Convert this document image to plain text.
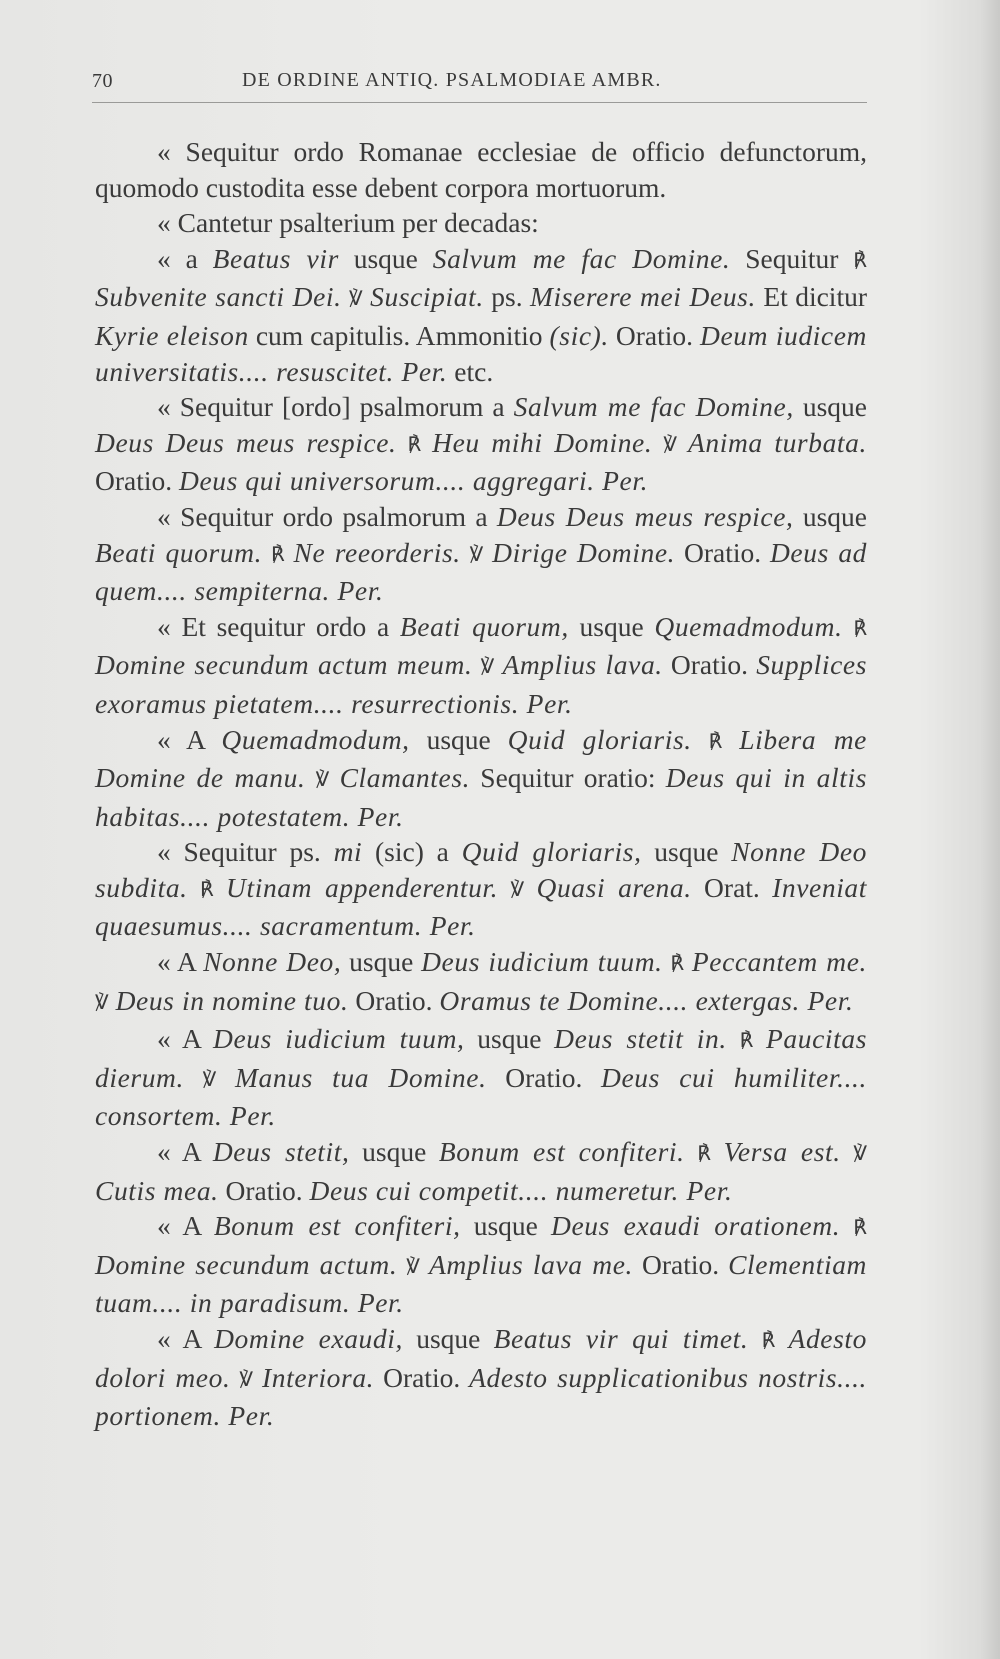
70	DE ORDINE ANTIQ. PSALMODIAE AMBR.

« Sequitur ordo Romanae ecclesiae de officio defunctorum, quomodo custodita esse debent corpora mortuorum.

« Cantetur psalterium per decadas:

« a Beatus vir usque Salvum me fac Domine. Sequitur ℟ Subvenite sancti Dei. ℣ Suscipiat. ps. Miserere mei Deus. Et dicitur Kyrie eleison cum capitulis. Ammonitio (sic). Oratio. Deum iudicem universitatis.... resuscitet. Per. etc.

« Sequitur [ordo] psalmorum a Salvum me fac Domine, usque Deus Deus meus respice. ℟ Heu mihi Domine. ℣ Anima turbata. Oratio. Deus qui universorum.... aggregari. Per.

« Sequitur ordo psalmorum a Deus Deus meus respice, usque Beati quorum. ℟ Ne reeorderis. ℣ Dirige Domine. Oratio. Deus ad quem.... sempiterna. Per.

« Et sequitur ordo a Beati quorum, usque Quemadmodum. ℟ Domine secundum actum meum. ℣ Amplius lava. Oratio. Supplices exoramus pietatem.... resurrectionis. Per.

« A Quemadmodum, usque Quid gloriaris. ℟ Libera me Domine de manu. ℣ Clamantes. Sequitur oratio: Deus qui in altis habitas.... potestatem. Per.

« Sequitur ps. mi (sic) a Quid gloriaris, usque Nonne Deo subdita. ℟ Utinam appenderentur. ℣ Quasi arena. Orat. Inveniat quaesumus.... sacramentum. Per.

« A Nonne Deo, usque Deus iudicium tuum. ℟ Peccantem me. ℣ Deus in nomine tuo. Oratio. Oramus te Domine.... extergas. Per.

« A Deus iudicium tuum, usque Deus stetit in. ℟ Paucitas dierum. ℣ Manus tua Domine. Oratio. Deus cui humiliter.... consortem. Per.

« A Deus stetit, usque Bonum est confiteri. ℟ Versa est. ℣ Cutis mea. Oratio. Deus cui competit.... numeretur. Per.

« A Bonum est confiteri, usque Deus exaudi orationem. ℟ Domine secundum actum. ℣ Amplius lava me. Oratio. Clementiam tuam.... in paradisum. Per.

« A Domine exaudi, usque Beatus vir qui timet. ℟ Adesto dolori meo. ℣ Interiora. Oratio. Adesto supplicationibus nostris.... portionem. Per.
